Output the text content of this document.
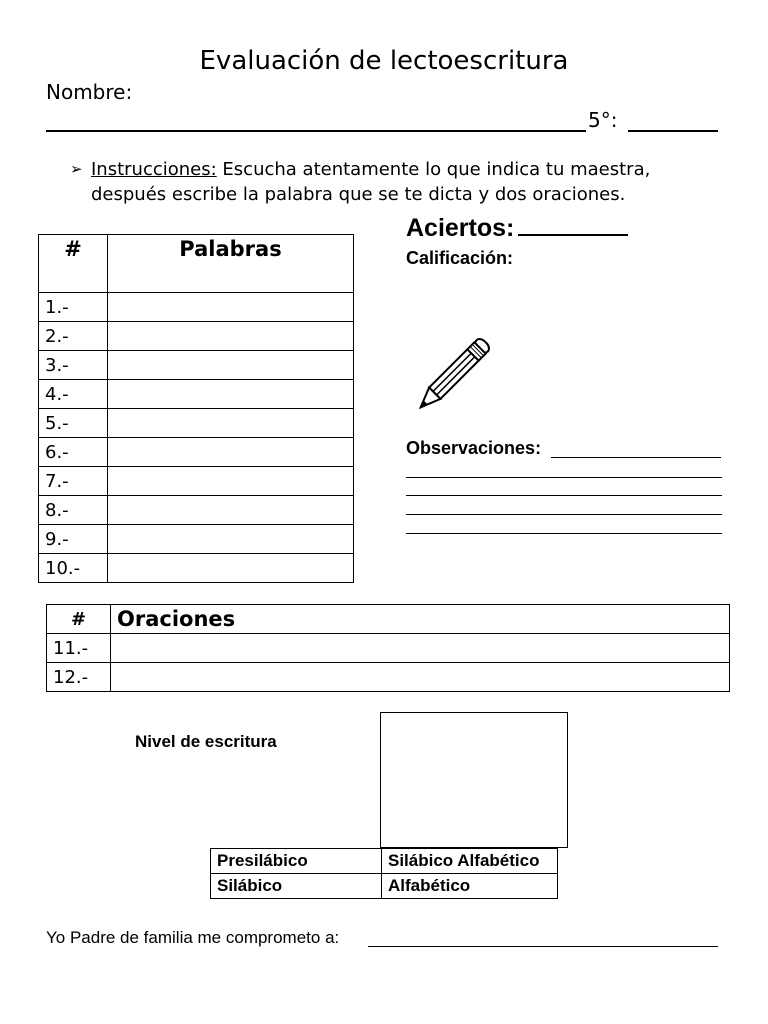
Evaluación de lectoescritura
Nombre:
5°:
➢ Instrucciones: Escucha atentamente lo que indica tu maestra, después escribe la palabra que se te dicta y dos oraciones.
#	Palabras
1.-	
2.-	
3.-	
4.-	
5.-	
6.-	
7.-	
8.-	
9.-	
10.-	
Aciertos:
Calificación:
Observaciones:
#	Oraciones
11.-	
12.-	
Nivel de escritura
Presilábico	Silábico Alfabético
Silábico	Alfabético
Yo Padre de familia me comprometo a:
